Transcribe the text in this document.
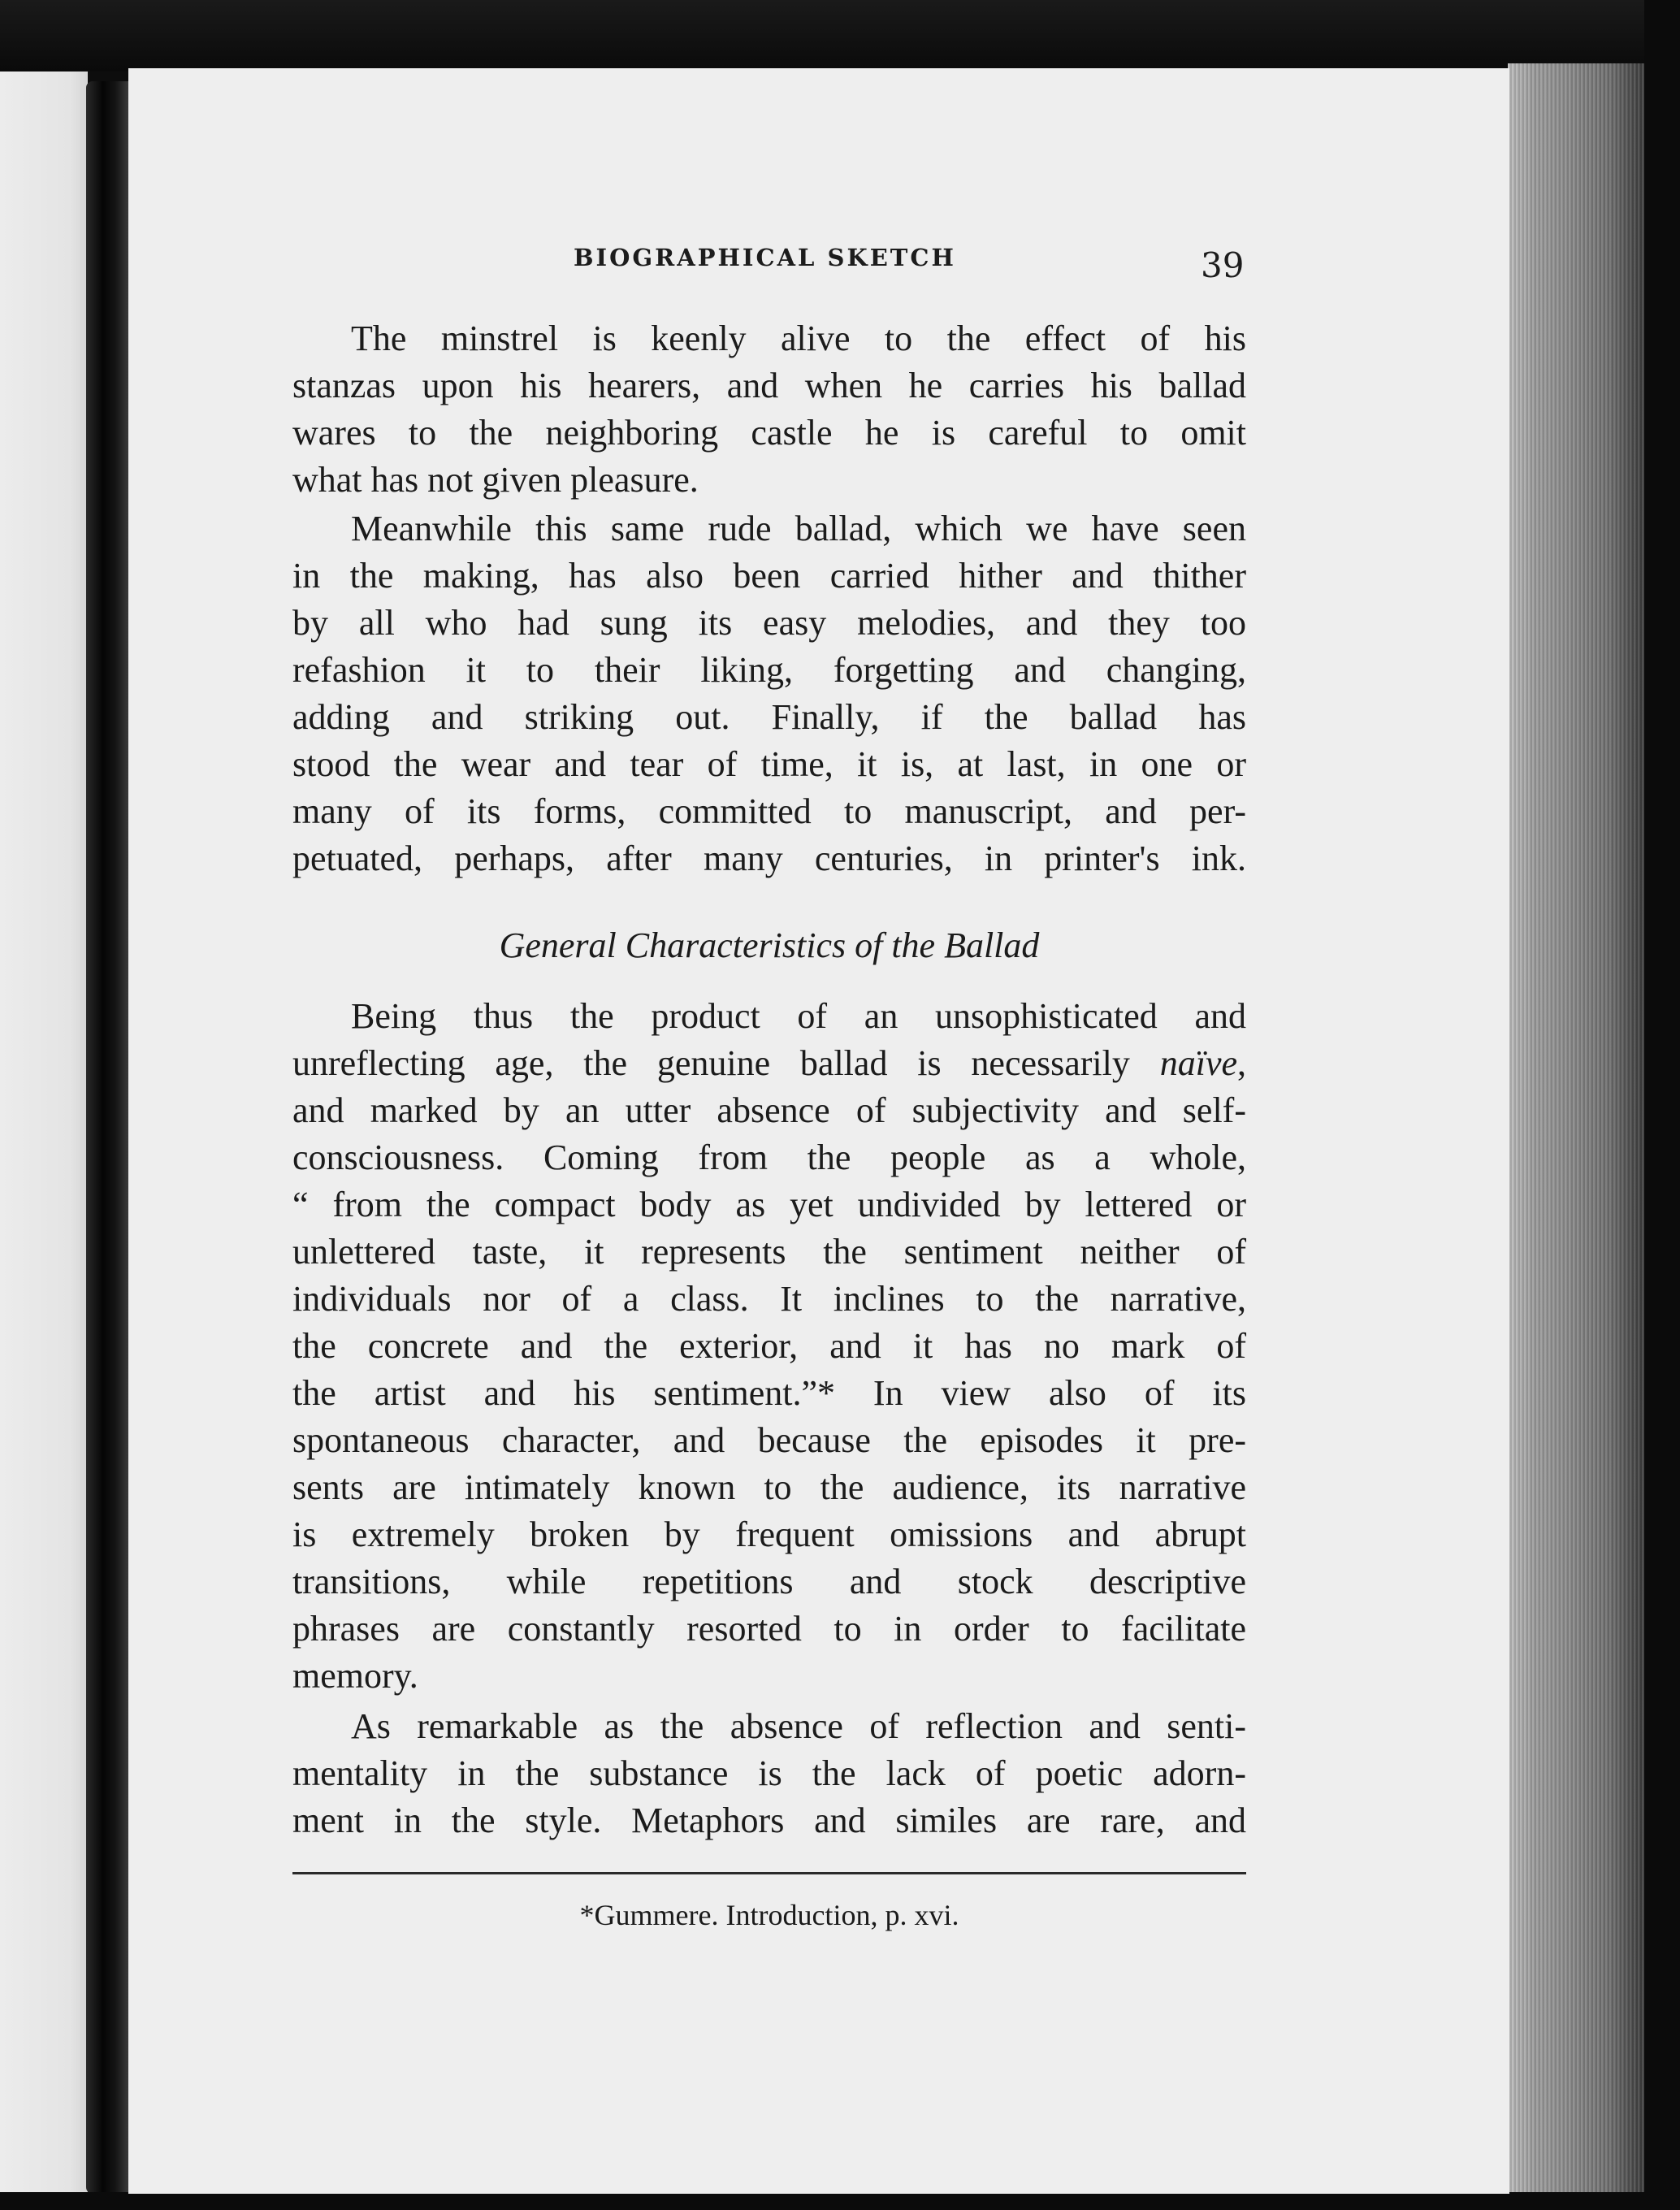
BIOGRAPHICAL SKETCH	39
The minstrel is keenly alive to the effect of his
stanzas upon his hearers, and when he carries his ballad
wares to the neighboring castle he is careful to omit
what has not given pleasure.
Meanwhile this same rude ballad, which we have seen
in the making, has also been carried hither and thither
by all who had sung its easy melodies, and they too
refashion it to their liking, forgetting and changing,
adding and striking out. Finally, if the ballad has
stood the wear and tear of time, it is, at last, in one or
many of its forms, committed to manuscript, and per-
petuated, perhaps, after many centuries, in printer's ink.
General Characteristics of the Ballad
Being thus the product of an unsophisticated and
unreflecting age, the genuine ballad is necessarily naïve,
and marked by an utter absence of subjectivity and self-
consciousness. Coming from the people as a whole,
“ from the compact body as yet undivided by lettered or
unlettered taste, it represents the sentiment neither of
individuals nor of a class. It inclines to the narrative,
the concrete and the exterior, and it has no mark of
the artist and his sentiment.”* In view also of its
spontaneous character, and because the episodes it pre-
sents are intimately known to the audience, its narrative
is extremely broken by frequent omissions and abrupt
transitions, while repetitions and stock descriptive
phrases are constantly resorted to in order to facilitate
memory.
As remarkable as the absence of reflection and senti-
mentality in the substance is the lack of poetic adorn-
ment in the style. Metaphors and similes are rare, and
*Gummere. Introduction, p. xvi.
